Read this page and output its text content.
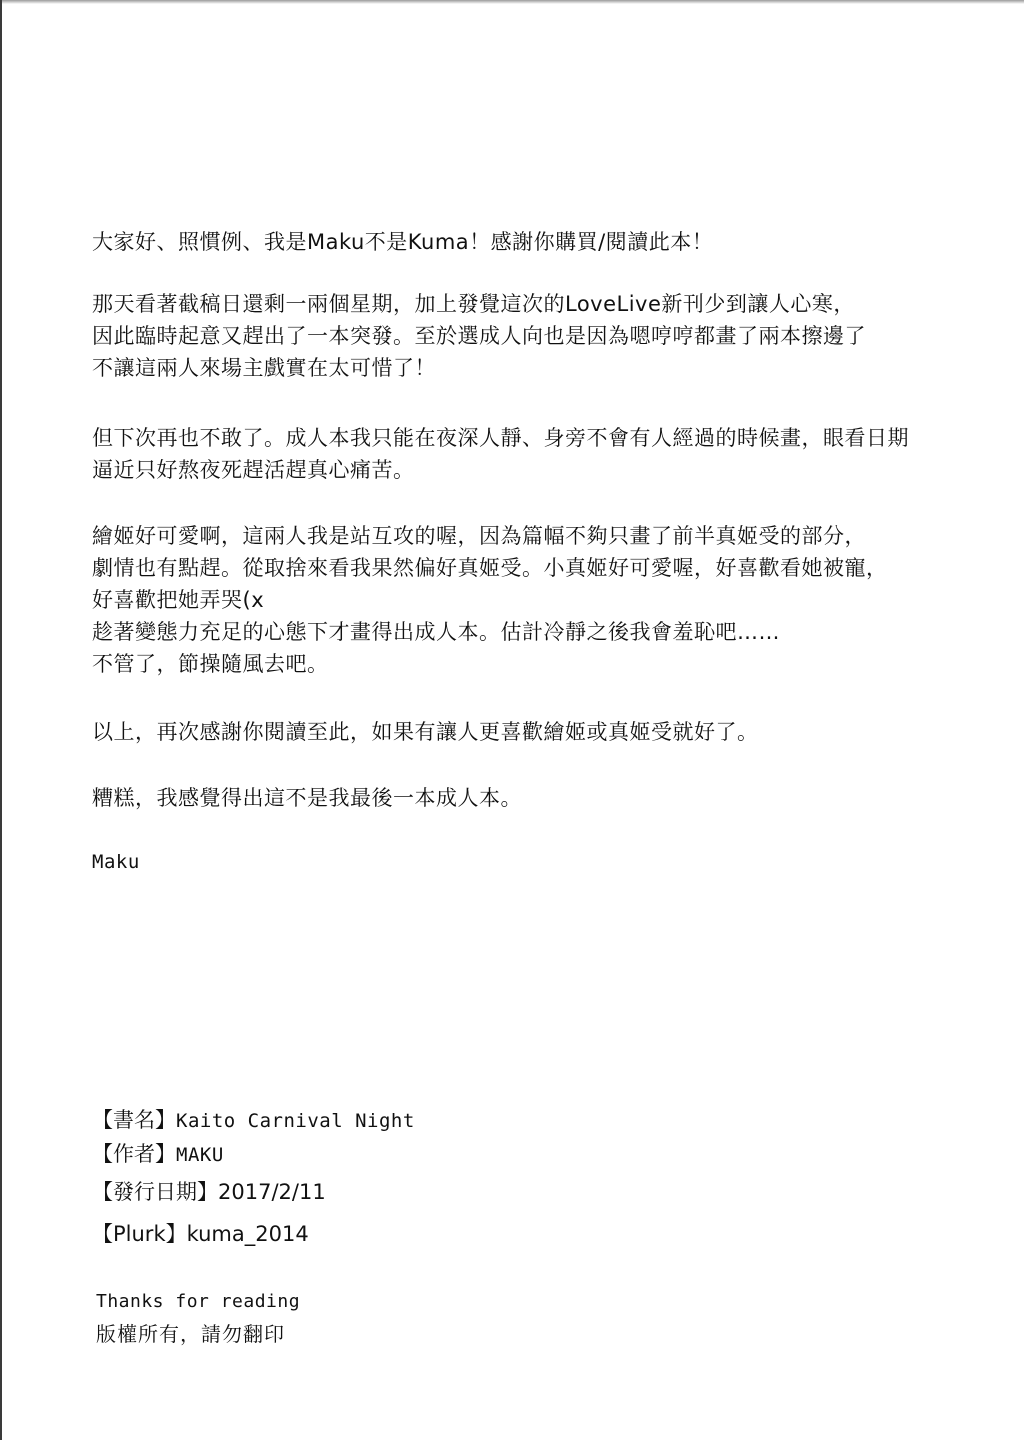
大家好、照慣例、我是Maku不是Kuma！感謝你購買/閱讀此本！

那天看著截稿日還剩一兩個星期，加上發覺這次的LoveLive新刊少到讓人心寒，
因此臨時起意又趕出了一本突發。至於選成人向也是因為嗯哼哼都畫了兩本擦邊了
不讓這兩人來場主戲實在太可惜了！

但下次再也不敢了。成人本我只能在夜深人靜、身旁不會有人經過的時候畫，眼看日期
逼近只好熬夜死趕活趕真心痛苦。

繪姬好可愛啊，這兩人我是站互攻的喔，因為篇幅不夠只畫了前半真姬受的部分，
劇情也有點趕。從取捨來看我果然偏好真姬受。小真姬好可愛喔，好喜歡看她被寵，
好喜歡把她弄哭(x
趁著變態力充足的心態下才畫得出成人本。估計冷靜之後我會羞恥吧……
不管了，節操隨風去吧。

以上，再次感謝你閱讀至此，如果有讓人更喜歡繪姬或真姬受就好了。

糟糕，我感覺得出這不是我最後一本成人本。

Maku

【書名】Kaito Carnival Night

【作者】MAKU

【發行日期】2017/2/11

【Plurk】kuma_2014

Thanks for reading
版權所有，請勿翻印
